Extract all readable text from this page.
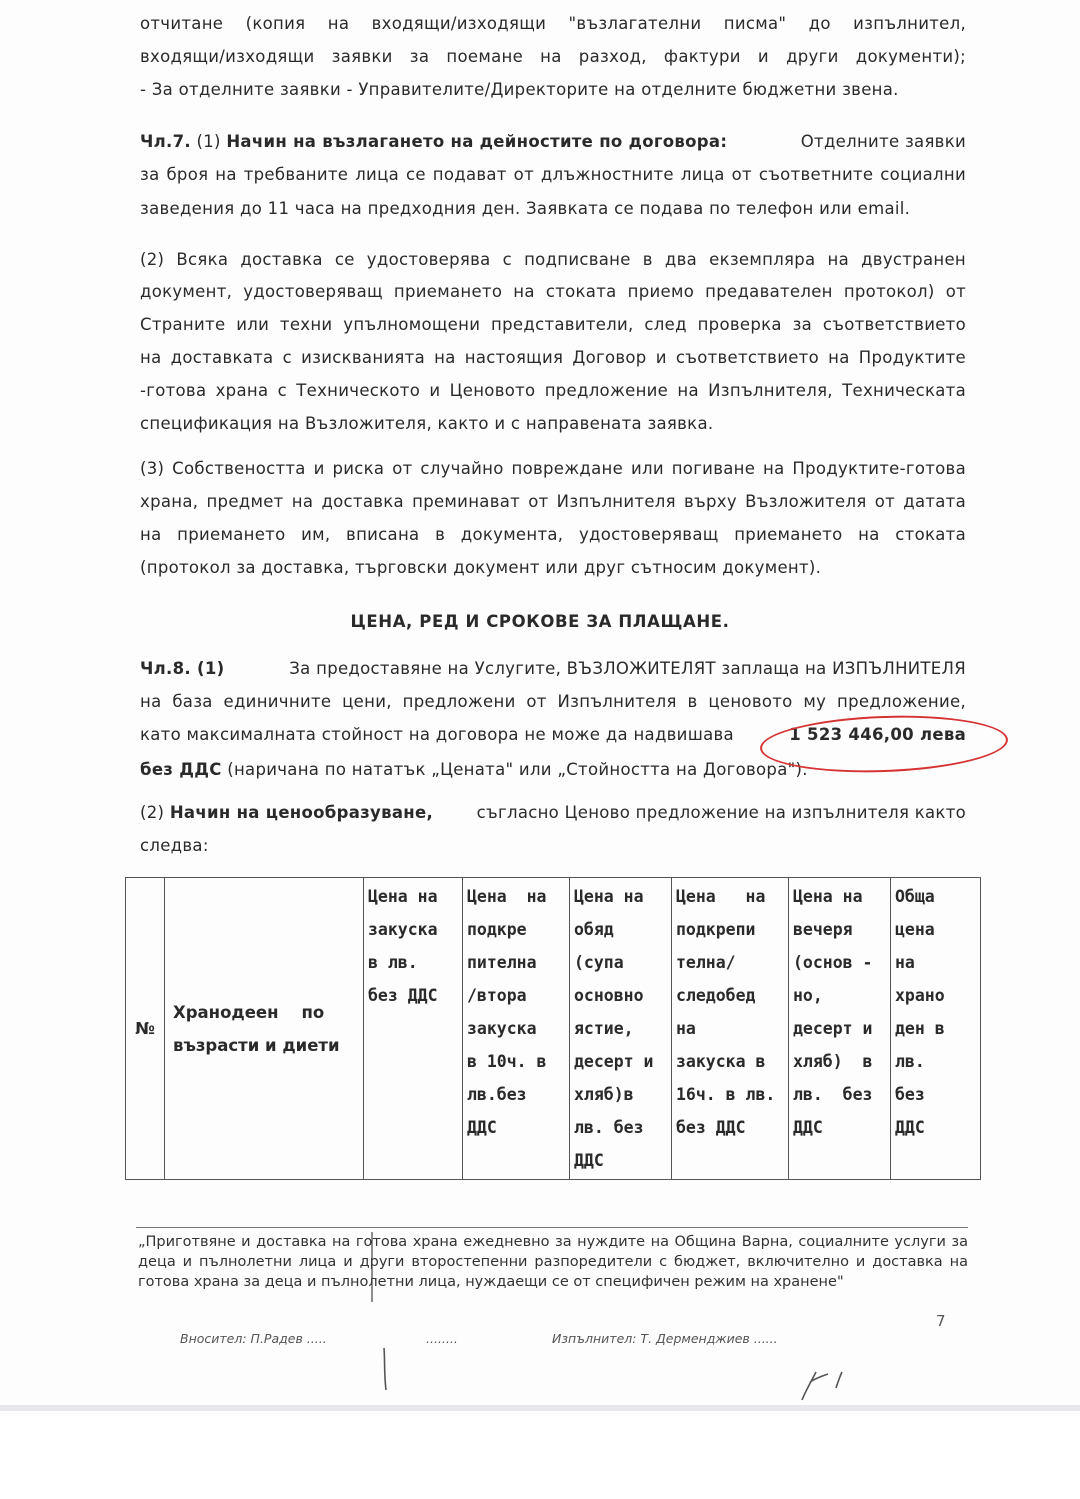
отчитане (копия на входящи/изходящи "възлагателни писма" до изпълнител,
входящи/изходящи заявки за поемане на разход, фактури и други документи);
- За отделните заявки - Управителите/Директорите на отделните бюджетни звена.
Чл.7. (1) Начин на възлагането на дейностите по договора:	Отделните заявки
за броя на требваните лица се подават от длъжностните лица от съответните социални
заведения до 11 часа на предходния ден. Заявката се подава по телефон или email.
(2) Всяка доставка се удостоверява с подписване в два екземпляра на двустранен
документ, удостоверяващ приемането на стоката приемо предавателен протокол) от
Страните или техни упълномощени представители, след проверка за съответствието
на доставката с изискванията на настоящия Договор и съответствието на Продуктите
-готова храна с Техническото и Ценовото предложение на Изпълнителя, Техническата
спецификация на Възложителя, както и с направената заявка.
(3) Собствеността и риска от случайно повреждане или погиване на Продуктите-готова
храна, предмет на доставка преминават от Изпълнителя върху Възложителя от датата
на приемането им, вписана в документа, удостоверяващ приемането на стоката
(протокол за доставка, търговски документ или друг сътносим документ).
ЦЕНА, РЕД И СРОКОВЕ ЗА ПЛАЩАНЕ.
Чл.8. (1)	За предоставяне на Услугите, ВЪЗЛОЖИТЕЛЯТ заплаща на ИЗПЪЛНИТЕЛЯ
на база единичните цени, предложени от Изпълнителя в ценовото му предложение,
като максималната стойност на договора не може да надвишава	1 523 446,00 лева
без ДДС (наричана по нататък „Цената" или „Стойността на Договора").
(2) Начин на ценообразуване,	съгласно Ценово предложение на изпълнителя както
следва:
№	
Хранодеен    по
възрасти и диети

Цена на
закуска
в лв.
без ДДС

Цена  на
подкре
пителна
/втора
закуска
в 10ч. в
лв.без
ДДС

Цена на
обяд
(супа
основно
ястие,
десерт и
хляб)в
лв. без
ДДС

Цена   на
подкрепи
телна/
следобед
на
закуска в
16ч. в лв.
без ДДС

Цена на
вечеря
(основ -
но,
десерт и
хляб)  в
лв.  без
ДДС

Обща
цена
на
храно
ден в
лв.
без
ДДС
„Приготвяне и доставка на готова храна ежедневно за нуждите на Община Варна, социалните услуги за деца и пълнолетни лица и други второстепенни разпоредители с бюджет, включително и доставка на готова храна за деца и пълнолетни лица, нуждаещи се от специфичен режим на хранене"
7
Вносител: П.Радев .....	........	Изпълнител: Т. Дерменджиев ......
